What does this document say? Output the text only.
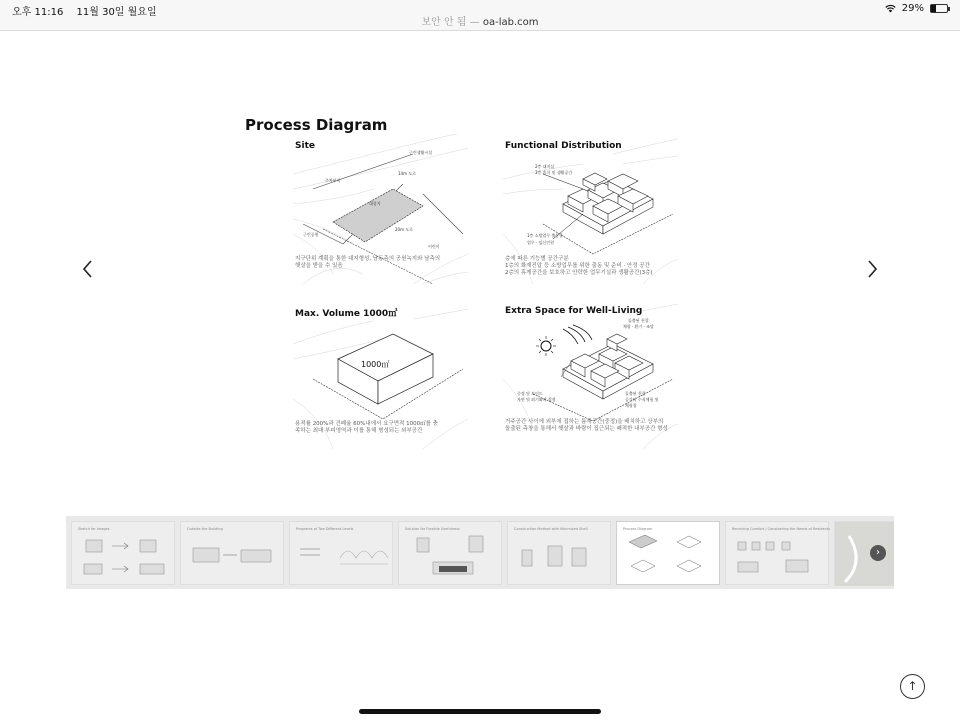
오후 11:16 11월 30일 월요일	29%
보안 안 됨 — oa-lab.com
Process Diagram
Site
근린생활시설
주차부지
14m 도로
대상지
20m 도로
근린공원
어린이
지구단위 계획을 통한 대지형성, 남동측의 공원녹지와 남측의
햇살을 받을 수 있음
Functional Distribution
2층 대지실
3층 휴식 및 생활공간
1층 소방업무 출동홀
업무 · 임신인원
층에 따른 기능별 공간구분
1층의 화재진압 등 소방업무를 위한 출동 및 준비 · 안정 공간
2층의 휴게공간을 보호하고 안락한 업무기실과 생활공간(3층)
Max. Volume 1000㎡
1000㎡
용적률 200%과 건폐율 60%내에서 요구면적 1000㎡를 충
족하는 최대 부피영역과 이를 통해 형성되는 외부공간
Extra Space for Well-Living
돌출된 천창
채광 · 환기 · 조망
중정 및 보이드
자연 및 외기와의 접점
돌출된 천창
공간의 수직체험 및
채광창
거주공간 사이에 외부에 접하는 틈새공간(중정)을 배치하고 상부의
돌출된 측창을 통해서 햇살과 바람이 집근되는 쾌적한 내부공간 형성
Sketch for Images	Outside the Building	Programs of Two Different Levels	Solution for Flexible Usefulness	Construction Method with Minimized Shell	Process Diagram	Receiving Comfort / Considering the Needs of Residents
›
↑
